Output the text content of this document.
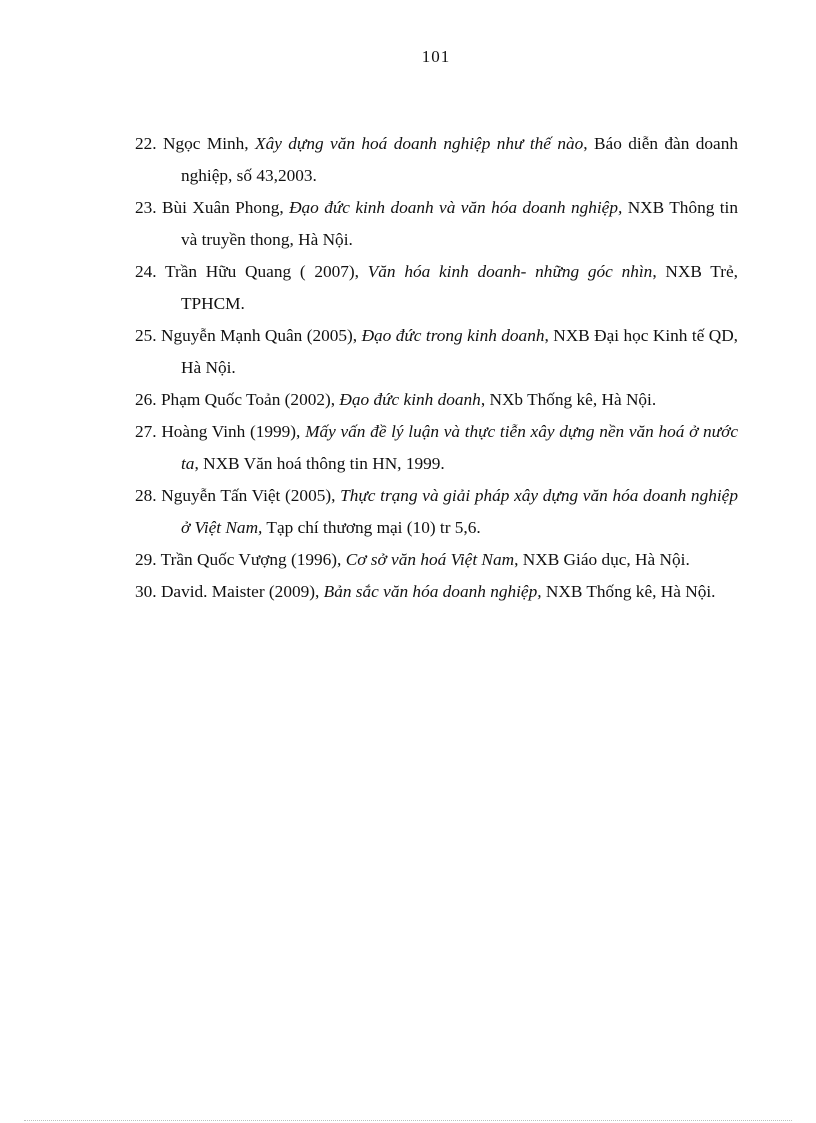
101
22. Ngọc Minh, Xây dựng văn hoá doanh nghiệp như thế nào, Báo diễn đàn doanh nghiệp, số 43,2003.
23. Bùi Xuân Phong, Đạo đức kinh doanh và văn hóa doanh nghiệp, NXB Thông tin và truyền thong, Hà Nội.
24. Trần Hữu Quang ( 2007), Văn hóa kinh doanh- những góc nhìn, NXB Trẻ, TPHCM.
25. Nguyễn Mạnh Quân (2005), Đạo đức trong kinh doanh, NXB Đại học Kinh tế QD, Hà Nội.
26. Phạm Quốc Toản (2002), Đạo đức kinh doanh, NXb Thống kê, Hà Nội.
27. Hoàng Vinh (1999), Mấy vấn đề lý luận và thực tiễn xây dựng nền văn hoá ở nước ta, NXB Văn hoá thông tin HN, 1999.
28. Nguyễn Tấn Việt (2005), Thực trạng và giải pháp xây dựng văn hóa doanh nghiệp ở Việt Nam, Tạp chí thương mại (10) tr 5,6.
29. Trần Quốc Vượng (1996), Cơ sở văn hoá Việt Nam, NXB Giáo dục, Hà Nội.
30. David. Maister (2009), Bản sắc văn hóa doanh nghiệp, NXB Thống kê, Hà Nội.
